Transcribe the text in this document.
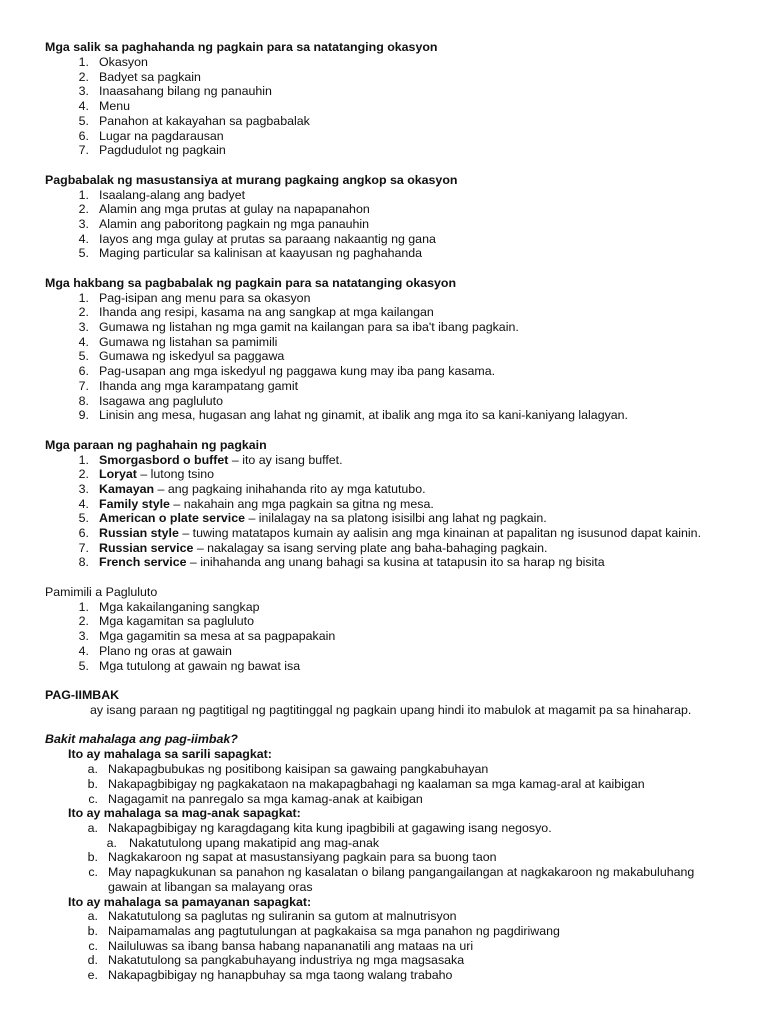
Mga salik sa paghahanda ng pagkain para sa natatanging okasyon
1. Okasyon
2. Badyet sa pagkain
3. Inaasahang bilang ng panauhin
4. Menu
5. Panahon at kakayahan sa pagbabalak
6. Lugar na pagdarausan
7. Pagdudulot ng pagkain
Pagbabalak ng masustansiya at murang pagkaing angkop sa okasyon
1. Isaalang-alang ang badyet
2. Alamin ang mga prutas at gulay na napapanahon
3. Alamin ang paboritong pagkain ng mga panauhin
4. Iayos ang mga gulay at prutas sa paraang nakaantig ng gana
5. Maging particular sa kalinisan at kaayusan ng paghahanda
Mga hakbang sa pagbabalak ng pagkain para sa natatanging okasyon
1. Pag-isipan ang menu para sa okasyon
2. Ihanda ang resipi, kasama na ang sangkap at mga kailangan
3. Gumawa ng listahan ng mga gamit na kailangan para sa iba't ibang pagkain.
4. Gumawa ng listahan sa pamimili
5. Gumawa ng iskedyul sa paggawa
6. Pag-usapan ang mga iskedyul ng paggawa kung may iba pang kasama.
7. Ihanda ang mga karampatang gamit
8. Isagawa ang pagluluto
9. Linisin ang mesa, hugasan ang lahat ng ginamit, at ibalik ang mga ito sa kani-kaniyang lalagyan.
Mga paraan ng paghahain ng pagkain
1. Smorgasbord o buffet – ito ay isang buffet.
2. Loryat – lutong tsino
3. Kamayan – ang pagkaing inihahanda rito ay mga katutubo.
4. Family style – nakahain ang mga pagkain sa gitna ng mesa.
5. American o plate service – inilalagay na sa platong isisilbi ang lahat ng pagkain.
6. Russian style – tuwing matatapos kumain ay aalisin ang mga kinainan at papalitan ng isusunod dapat kainin.
7. Russian service – nakalagay sa isang serving plate ang baha-bahaging pagkain.
8. French service – inihahanda ang unang bahagi sa kusina at tatapusin ito sa harap ng bisita
Pamimili a Pagluluto
1. Mga kakailanganing sangkap
2. Mga kagamitan sa pagluluto
3. Mga gagamitin sa mesa at sa pagpapakain
4. Plano ng oras at gawain
5. Mga tutulong at gawain ng bawat isa
PAG-IIMBAK
ay isang paraan ng pagtitigal ng pagtitinggal ng pagkain upang hindi ito mabulok at magamit pa sa hinaharap.
Bakit mahalaga ang pag-iimbak?
Ito ay mahalaga sa sarili sapagkat:
a. Nakapagbubukas ng positibong kaisipan sa gawaing pangkabuhayan
b. Nakapagbibigay ng pagkakataon na makapagbahagi ng kaalaman sa mga kamag-aral at kaibigan
c. Nagagamit na panregalo sa mga kamag-anak at kaibigan
Ito ay mahalaga sa mag-anak sapagkat:
a. Nakapagbibigay ng karagdagang kita kung ipagbibili at gagawing isang negosyo.
a. Nakatutulong upang makatipid ang mag-anak
b. Nagkakaroon ng sapat at masustansiyang pagkain para sa buong taon
c. May napagkukunan sa panahon ng kasalatan o bilang pangangailangan at nagkakaroon ng makabuluhang gawain at libangan sa malayang oras
Ito ay mahalaga sa pamayanan sapagkat:
a. Nakatutulong sa paglutas ng suliranin sa gutom at malnutrisyon
b. Naipamamalas ang pagtutulungan at pagkakaisa sa mga panahon ng pagdiriwang
c. Nailuluwas sa ibang bansa habang napananatili ang mataas na uri
d. Nakatutulong sa pangkabuhayang industriya ng mga magsasaka
e. Nakapagbibigay ng hanapbuhay sa mga taong walang trabaho
